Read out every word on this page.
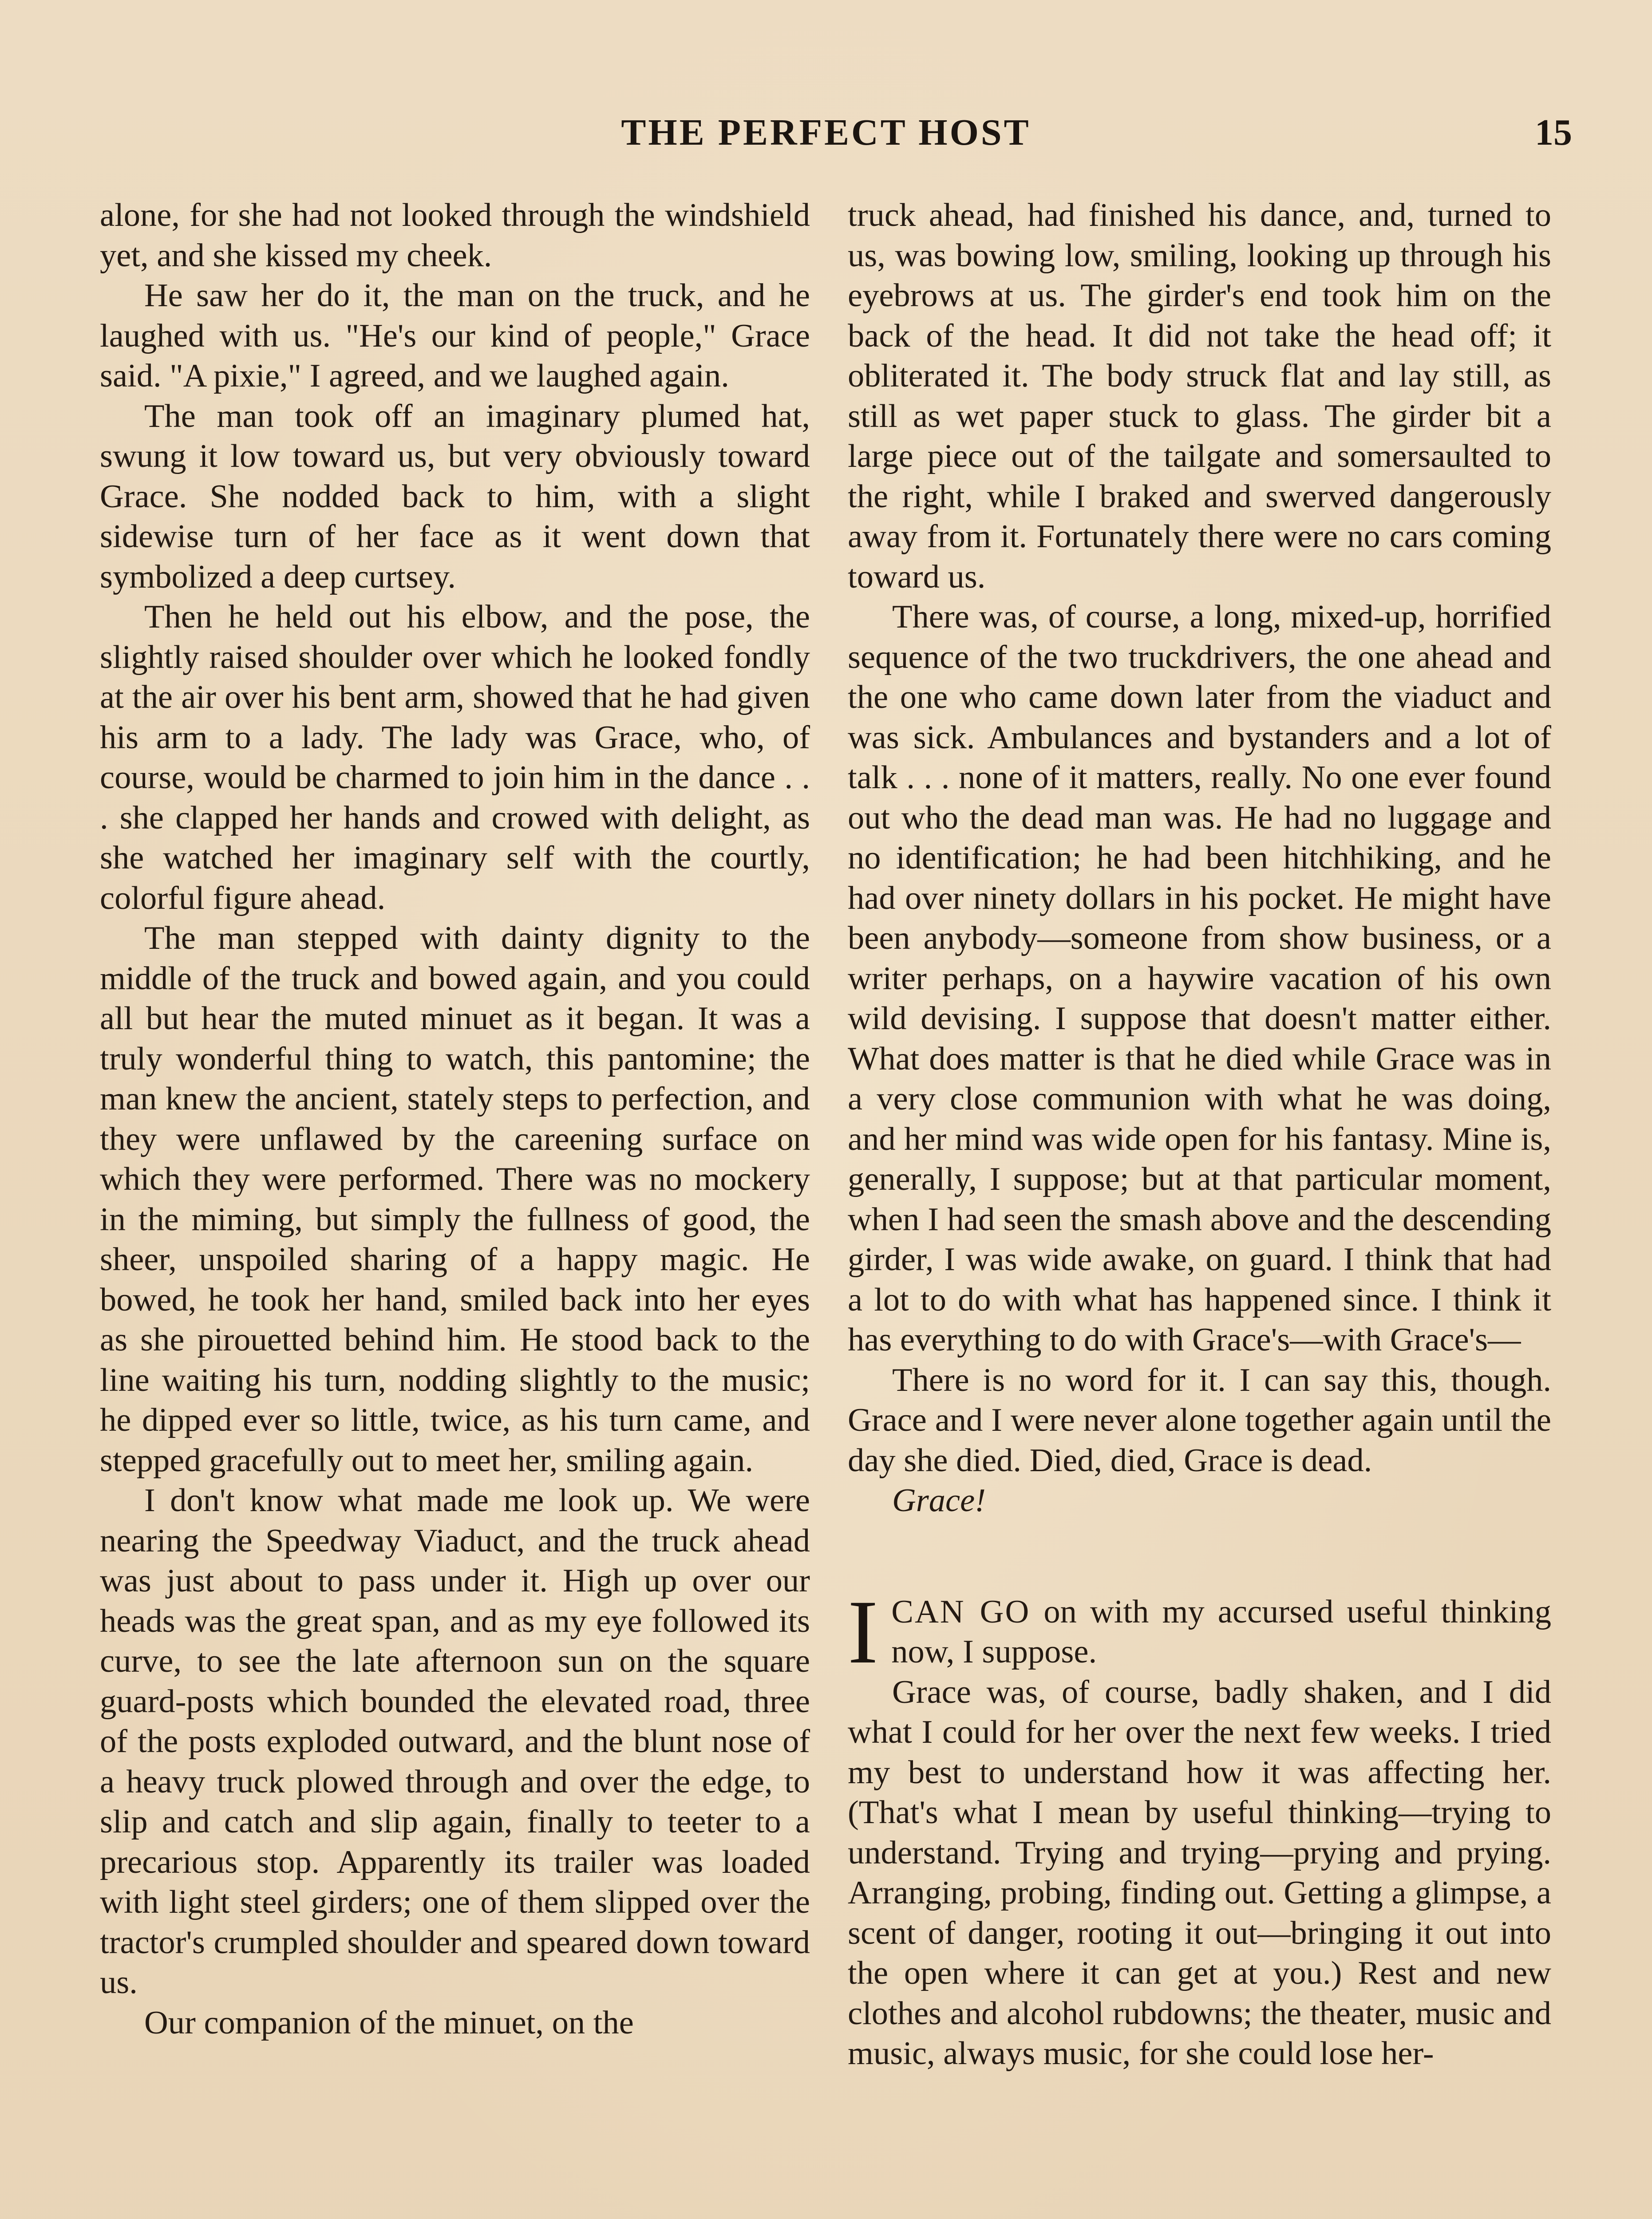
THE PERFECT HOST	15

alone, for she had not looked through the windshield yet, and she kissed my cheek.

He saw her do it, the man on the truck, and he laughed with us. "He's our kind of people," Grace said. "A pixie," I agreed, and we laughed again.

The man took off an imaginary plumed hat, swung it low toward us, but very obviously toward Grace. She nodded back to him, with a slight sidewise turn of her face as it went down that symbolized a deep curtsey.

Then he held out his elbow, and the pose, the slightly raised shoulder over which he looked fondly at the air over his bent arm, showed that he had given his arm to a lady. The lady was Grace, who, of course, would be charmed to join him in the dance . . . she clapped her hands and crowed with delight, as she watched her imaginary self with the courtly, colorful figure ahead.

The man stepped with dainty dignity to the middle of the truck and bowed again, and you could all but hear the muted minuet as it began. It was a truly wonderful thing to watch, this pantomine; the man knew the ancient, stately steps to perfection, and they were unflawed by the careening surface on which they were performed. There was no mockery in the miming, but simply the fullness of good, the sheer, unspoiled sharing of a happy magic. He bowed, he took her hand, smiled back into her eyes as she pirouetted behind him. He stood back to the line waiting his turn, nodding slightly to the music; he dipped ever so little, twice, as his turn came, and stepped gracefully out to meet her, smiling again.

I don't know what made me look up. We were nearing the Speedway Viaduct, and the truck ahead was just about to pass under it. High up over our heads was the great span, and as my eye followed its curve, to see the late afternoon sun on the square guard-posts which bounded the elevated road, three of the posts exploded outward, and the blunt nose of a heavy truck plowed through and over the edge, to slip and catch and slip again, finally to teeter to a precarious stop. Apparently its trailer was loaded with light steel girders; one of them slipped over the tractor's crumpled shoulder and speared down toward us.

Our companion of the minuet, on the

truck ahead, had finished his dance, and, turned to us, was bowing low, smiling, looking up through his eyebrows at us. The girder's end took him on the back of the head. It did not take the head off; it obliterated it. The body struck flat and lay still, as still as wet paper stuck to glass. The girder bit a large piece out of the tailgate and somersaulted to the right, while I braked and swerved dangerously away from it. Fortunately there were no cars coming toward us.

There was, of course, a long, mixed-up, horrified sequence of the two truckdrivers, the one ahead and the one who came down later from the viaduct and was sick. Ambulances and bystanders and a lot of talk . . . none of it matters, really. No one ever found out who the dead man was. He had no luggage and no identification; he had been hitchhiking, and he had over ninety dollars in his pocket. He might have been anybody—someone from show business, or a writer perhaps, on a haywire vacation of his own wild devising. I suppose that doesn't matter either. What does matter is that he died while Grace was in a very close communion with what he was doing, and her mind was wide open for his fantasy. Mine is, generally, I suppose; but at that particular moment, when I had seen the smash above and the descending girder, I was wide awake, on guard. I think that had a lot to do with what has happened since. I think it has everything to do with Grace's—with Grace's—

There is no word for it. I can say this, though. Grace and I were never alone together again until the day she died. Died, died, Grace is dead.

Grace!

ICAN GO on with my accursed useful thinking now, I suppose.

Grace was, of course, badly shaken, and I did what I could for her over the next few weeks. I tried my best to understand how it was affecting her. (That's what I mean by useful thinking—trying to understand. Trying and trying—prying and prying. Arranging, probing, finding out. Getting a glimpse, a scent of danger, rooting it out—bringing it out into the open where it can get at you.) Rest and new clothes and alcohol rubdowns; the theater, music and music, always music, for she could lose her-
